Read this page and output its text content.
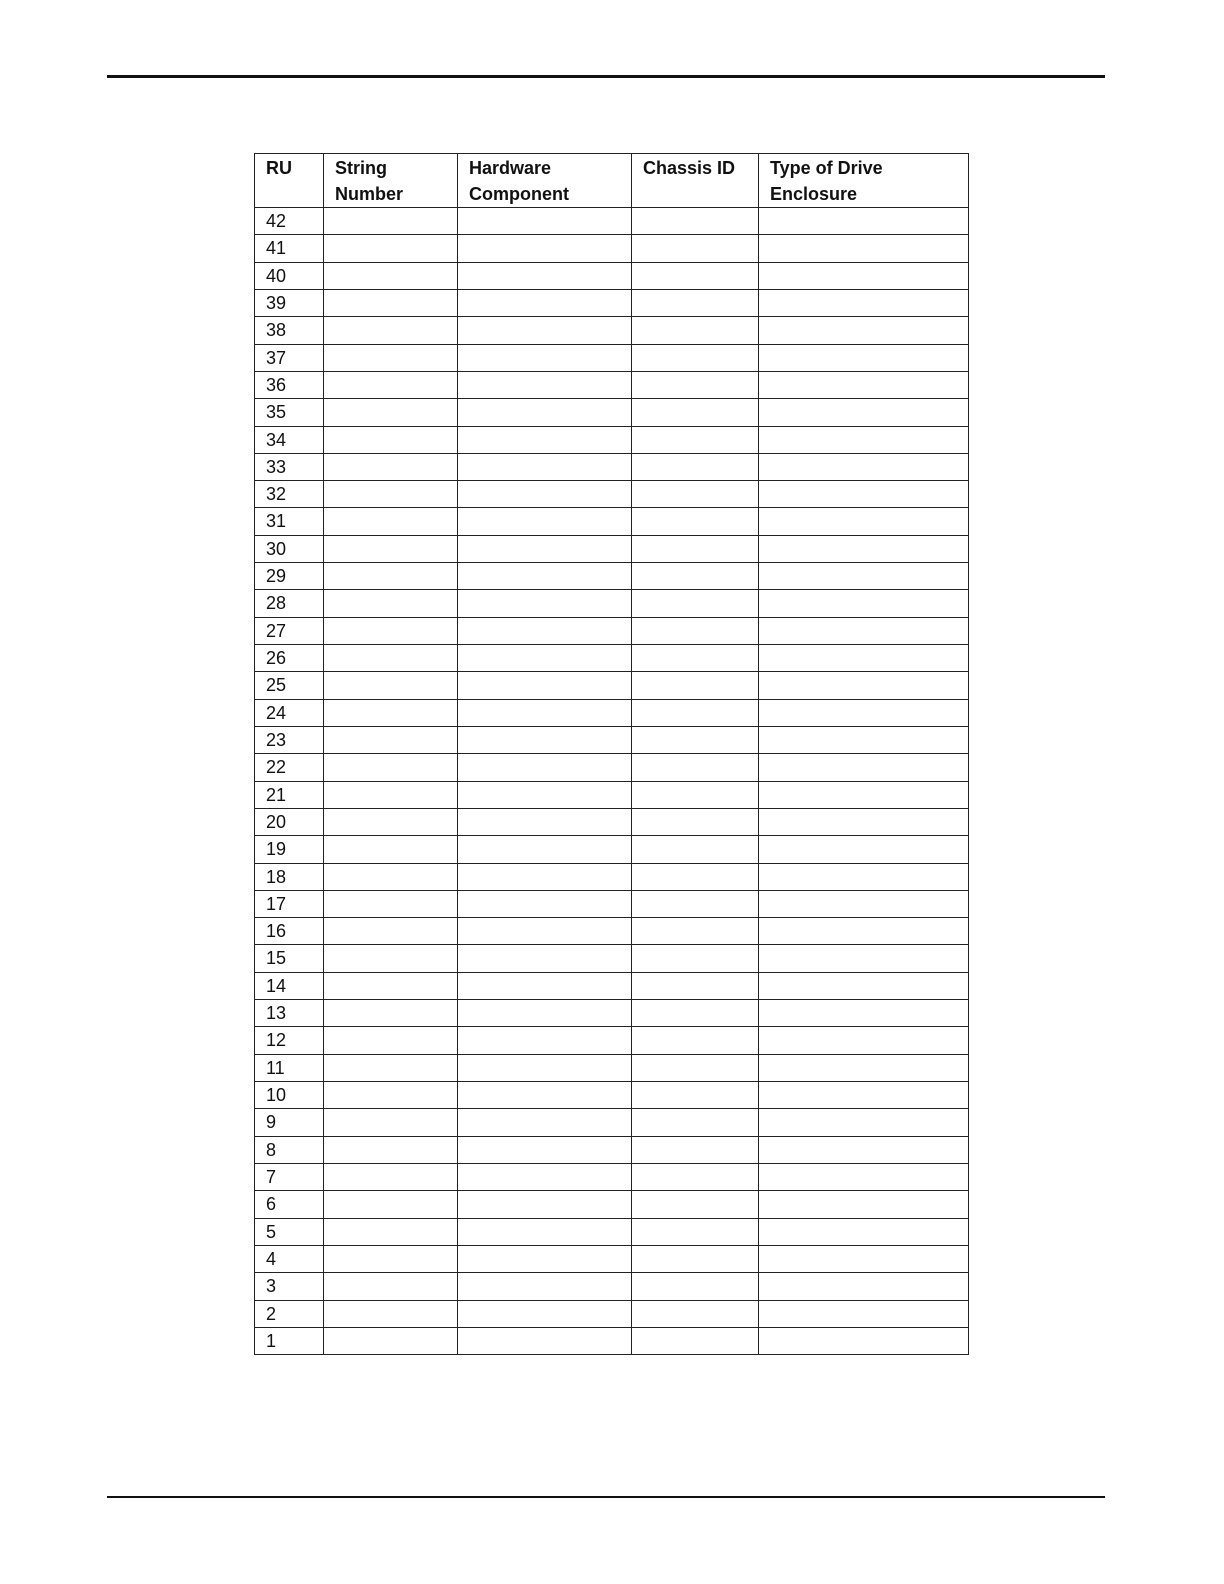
RU	String Number	Hardware Component	Chassis ID	Type of Drive Enclosure

42				
41				
40				
39				
38				
37				
36				
35				
34				
33				
32				
31				
30				
29				
28				
27				
26				
25				
24				
23				
22				
21				
20				
19				
18				
17				
16				
15				
14				
13				
12				
11				
10				
9				
8				
7				
6				
5				
4				
3				
2				
1				
